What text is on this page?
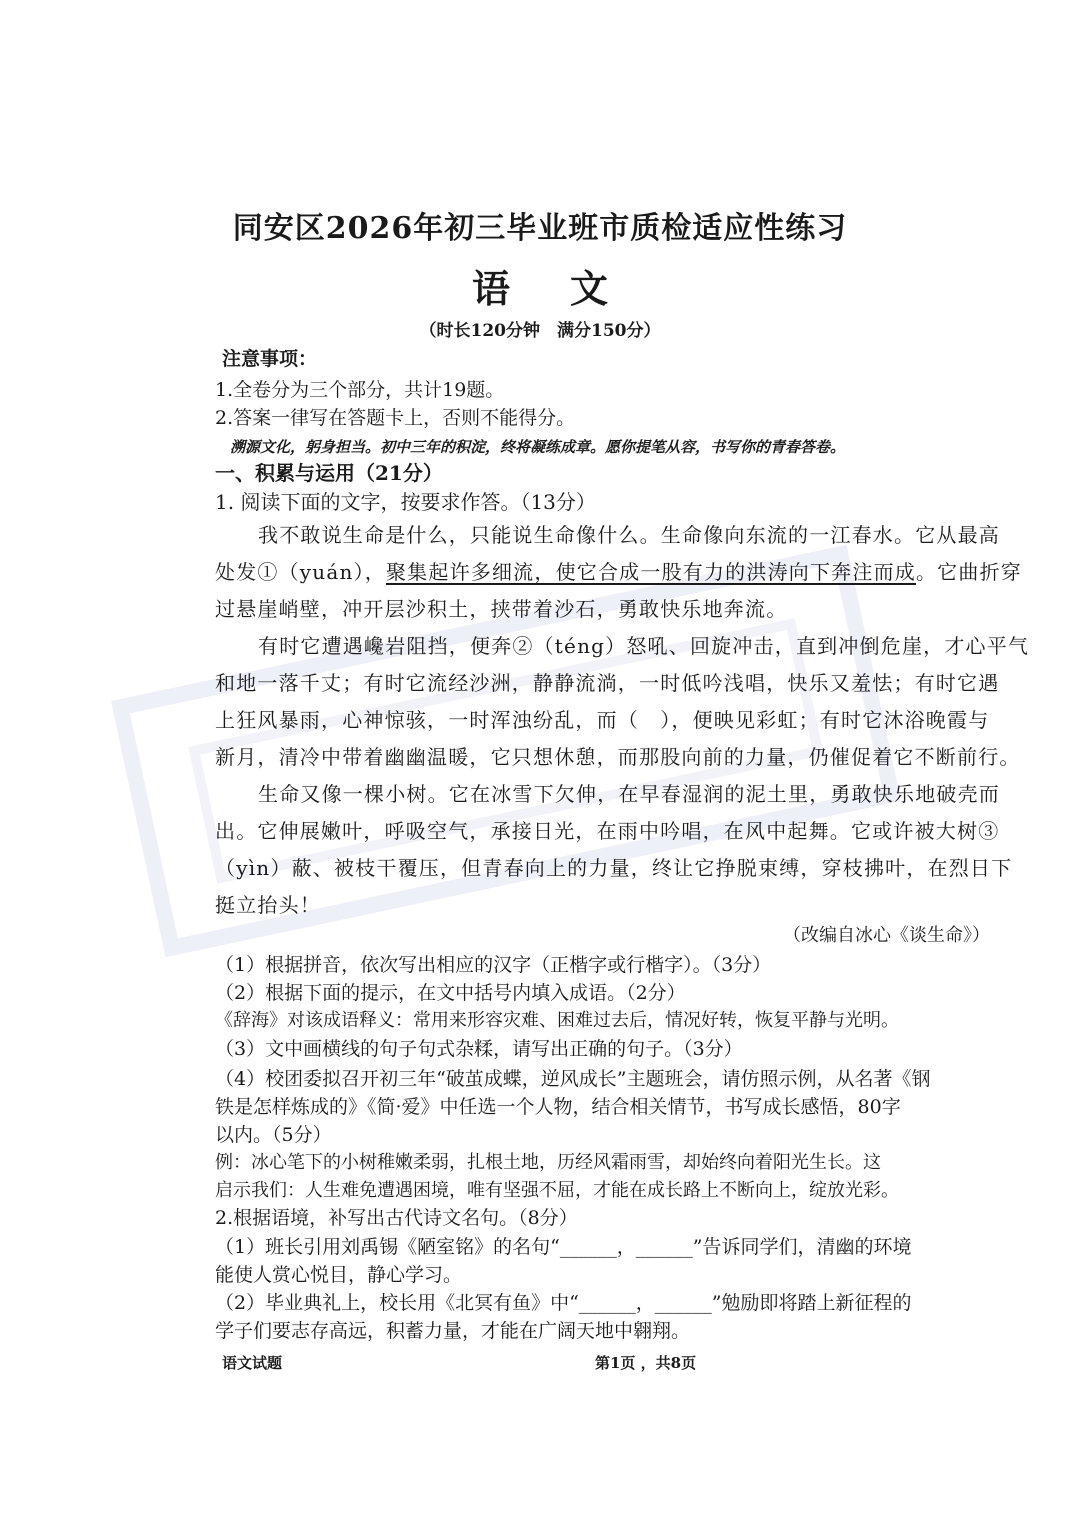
同安区2026年初三毕业班市质检适应性练习
语文
（时长120分钟　满分150分）
注意事项：
1.全卷分为三个部分，共计19题。
2.答案一律写在答题卡上，否则不能得分。
溯源文化，躬身担当。初中三年的积淀，终将凝练成章。愿你提笔从容，书写你的青春答卷。
一、积累与运用（21分）
1. 阅读下面的文字，按要求作答。（13分）
我不敢说生命是什么，只能说生命像什么。生命像向东流的一江春水。它从最高
处发①（yuán），聚集起许多细流，使它合成一股有力的洪涛向下奔注而成。它曲折穿
过悬崖峭壁，冲开层沙积土，挟带着沙石，勇敢快乐地奔流。
有时它遭遇巉岩阻挡，便奔②（téng）怒吼、回旋冲击，直到冲倒危崖，才心平气
和地一落千丈；有时它流经沙洲，静静流淌，一时低吟浅唱，快乐又羞怯；有时它遇
上狂风暴雨，心神惊骇，一时浑浊纷乱，而（　），便映见彩虹；有时它沐浴晚霞与
新月，清冷中带着幽幽温暖，它只想休憩，而那股向前的力量，仍催促着它不断前行。
生命又像一棵小树。它在冰雪下欠伸，在早春湿润的泥土里，勇敢快乐地破壳而
出。它伸展嫩叶，呼吸空气，承接日光，在雨中吟唱，在风中起舞。它或许被大树③
（yìn）蔽、被枝干覆压，但青春向上的力量，终让它挣脱束缚，穿枝拂叶，在烈日下
挺立抬头！
（改编自冰心《谈生命》）
（1）根据拼音，依次写出相应的汉字（正楷字或行楷字）。（3分）
（2）根据下面的提示，在文中括号内填入成语。（2分）
《辞海》对该成语释义：常用来形容灾难、困难过去后，情况好转，恢复平静与光明。
（3）文中画横线的句子句式杂糅，请写出正确的句子。（3分）
（4）校团委拟召开初三年“破茧成蝶，逆风成长”主题班会，请仿照示例，从名著《钢
铁是怎样炼成的》《简·爱》中任选一个人物，结合相关情节，书写成长感悟，80字
以内。（5分）
例：冰心笔下的小树稚嫩柔弱，扎根土地，历经风霜雨雪，却始终向着阳光生长。这
启示我们：人生难免遭遇困境，唯有坚强不屈，才能在成长路上不断向上，绽放光彩。
2.根据语境，补写出古代诗文名句。（8分）
（1）班长引用刘禹锡《陋室铭》的名句“______，______”告诉同学们，清幽的环境
能使人赏心悦目，静心学习。
（2）毕业典礼上，校长用《北冥有鱼》中“______，______”勉励即将踏上新征程的
学子们要志存高远，积蓄力量，才能在广阔天地中翱翔。
语文试题	第1页 ，共8页
